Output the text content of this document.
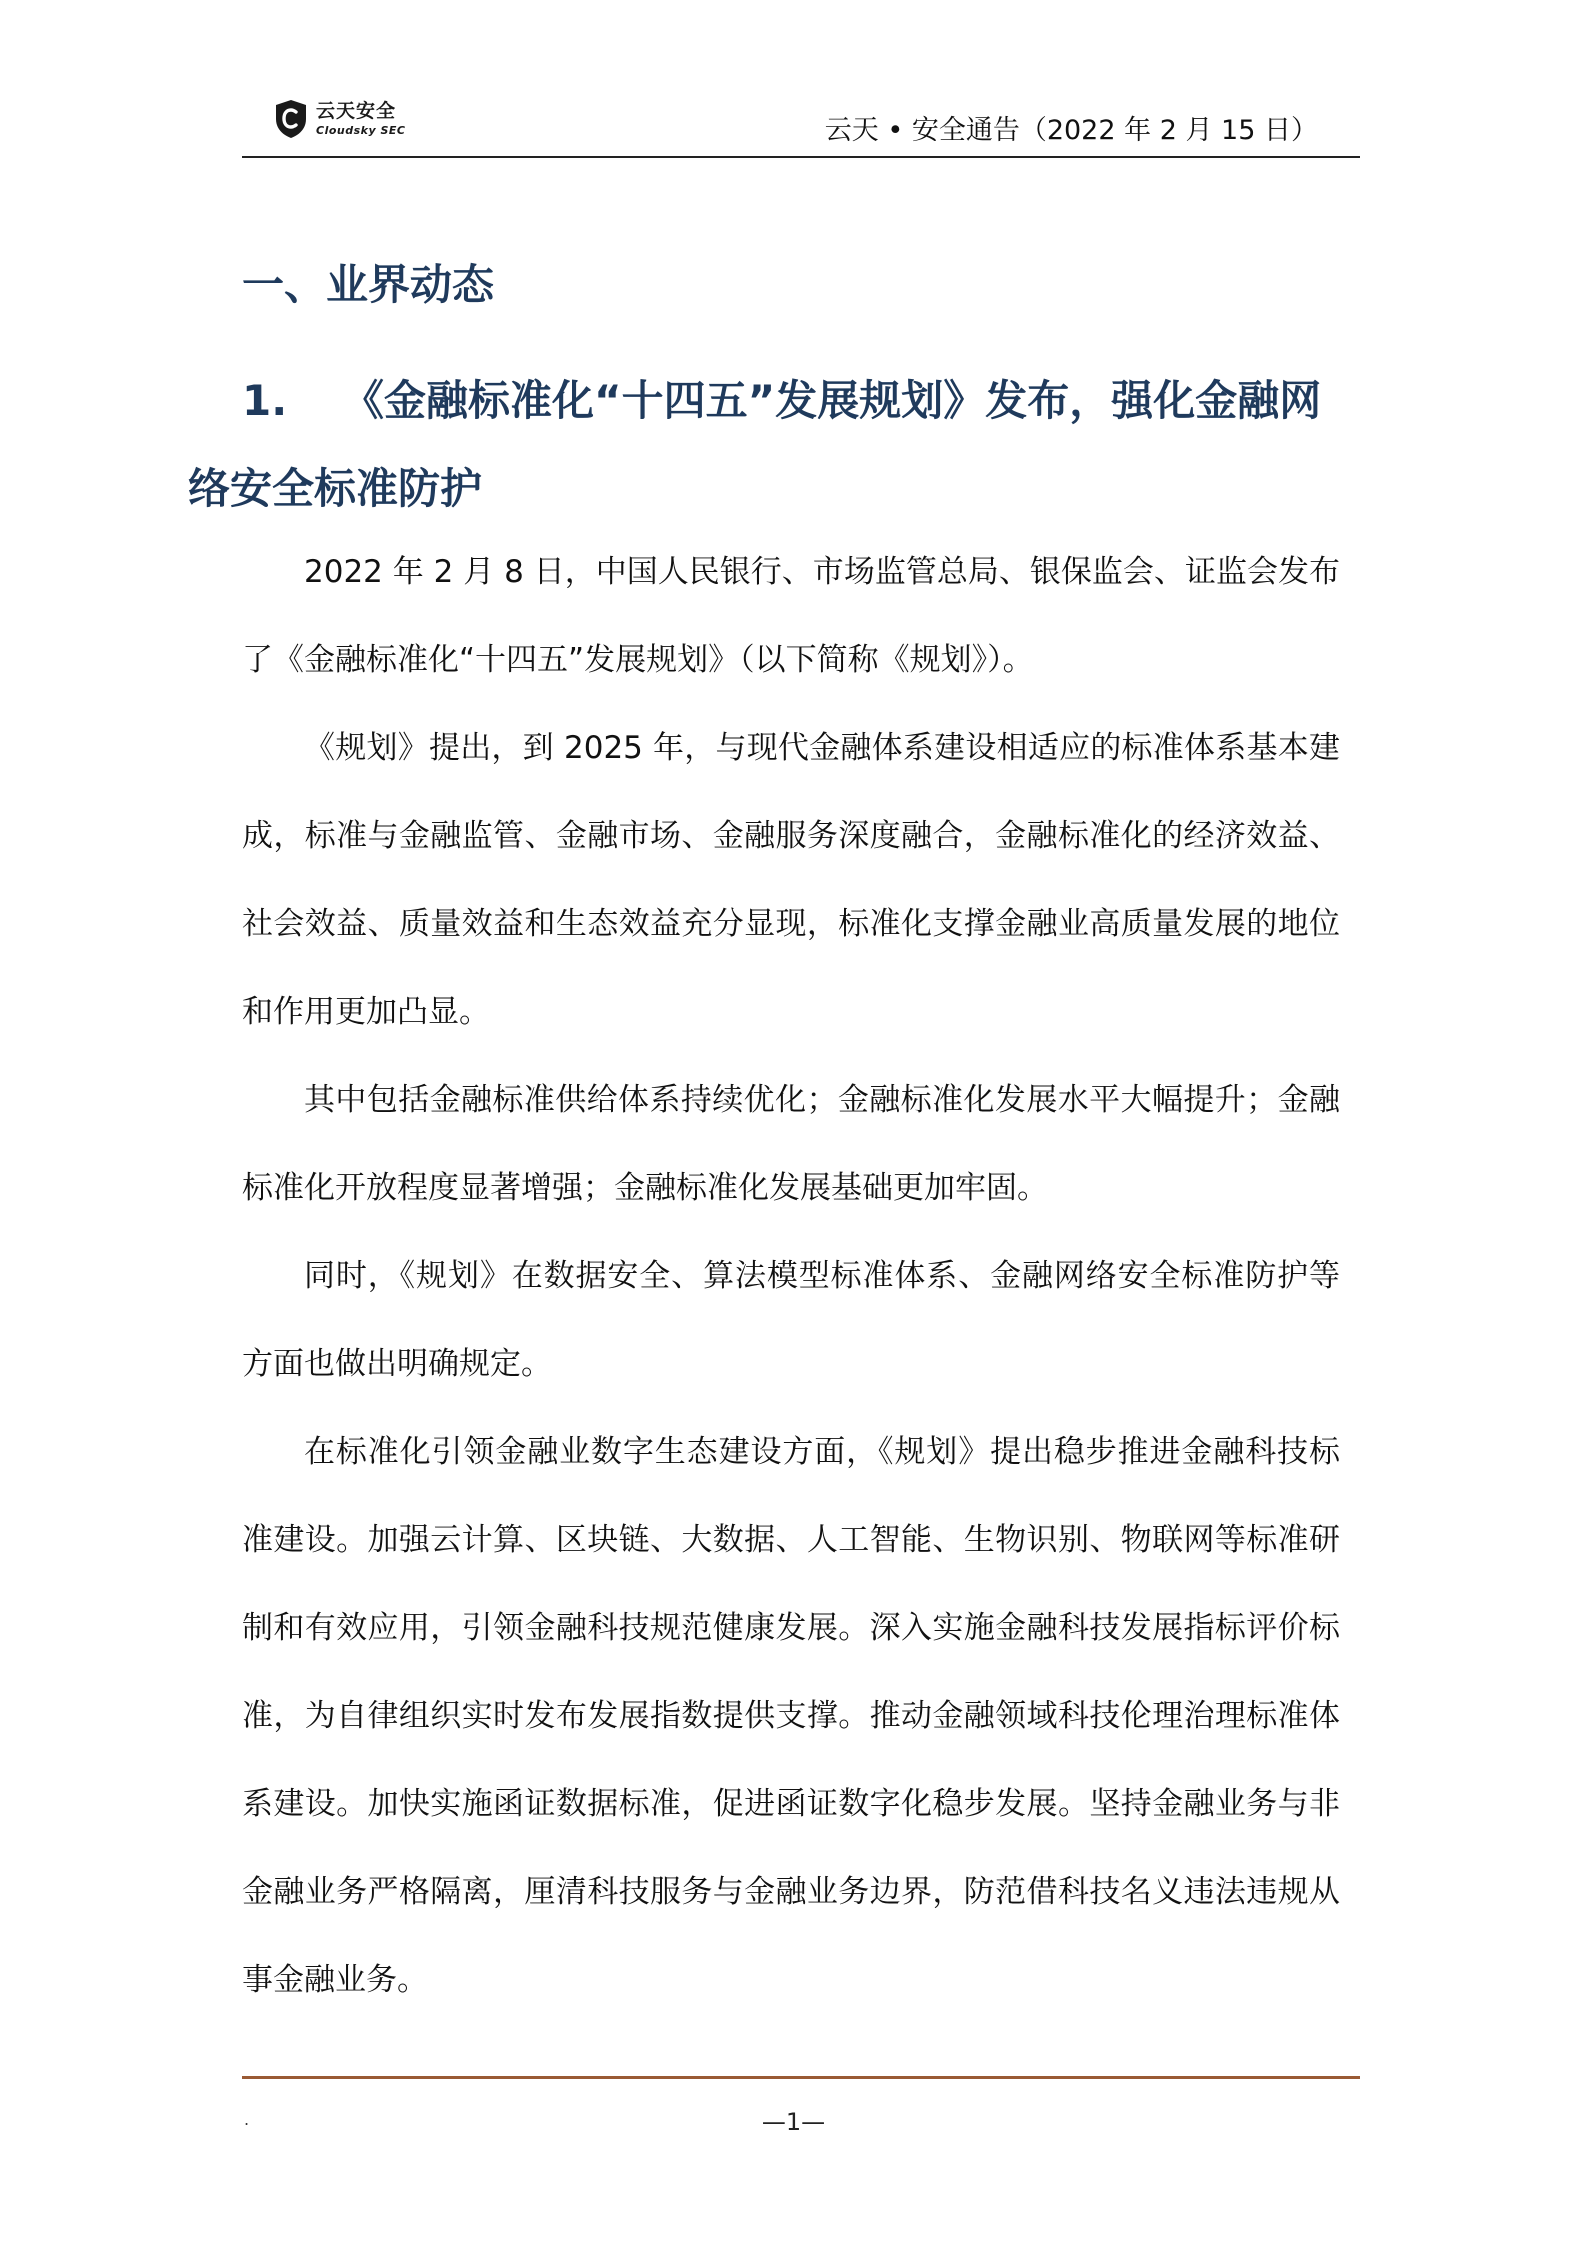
云天安全
Cloudsky SEC	云天 • 安全通告（2022 年 2 月 15 日）
一、业界动态
1. 《金融标准化“十四五”发展规划》发布，强化金融网络安全标准防护

2022 年 2 月 8 日，中国人民银行、市场监管总局、银保监会、证监会发布了《金融标准化“十四五”发展规划》（以下简称《规划》）。

《规划》提出，到 2025 年，与现代金融体系建设相适应的标准体系基本建成，标准与金融监管、金融市场、金融服务深度融合，金融标准化的经济效益、社会效益、质量效益和生态效益充分显现，标准化支撑金融业高质量发展的地位和作用更加凸显。

其中包括金融标准供给体系持续优化；金融标准化发展水平大幅提升；金融标准化开放程度显著增强；金融标准化发展基础更加牢固。

同时，《规划》在数据安全、算法模型标准体系、金融网络安全标准防护等方面也做出明确规定。

在标准化引领金融业数字生态建设方面，《规划》提出稳步推进金融科技标准建设。加强云计算、区块链、大数据、人工智能、生物识别、物联网等标准研制和有效应用，引领金融科技规范健康发展。深入实施金融科技发展指标评价标准，为自律组织实时发布发展指数提供支撑。推动金融领域科技伦理治理标准体系建设。加快实施函证数据标准，促进函证数字化稳步发展。坚持金融业务与非金融业务严格隔离，厘清科技服务与金融业务边界，防范借科技名义违法违规从事金融业务。

.	—1—
